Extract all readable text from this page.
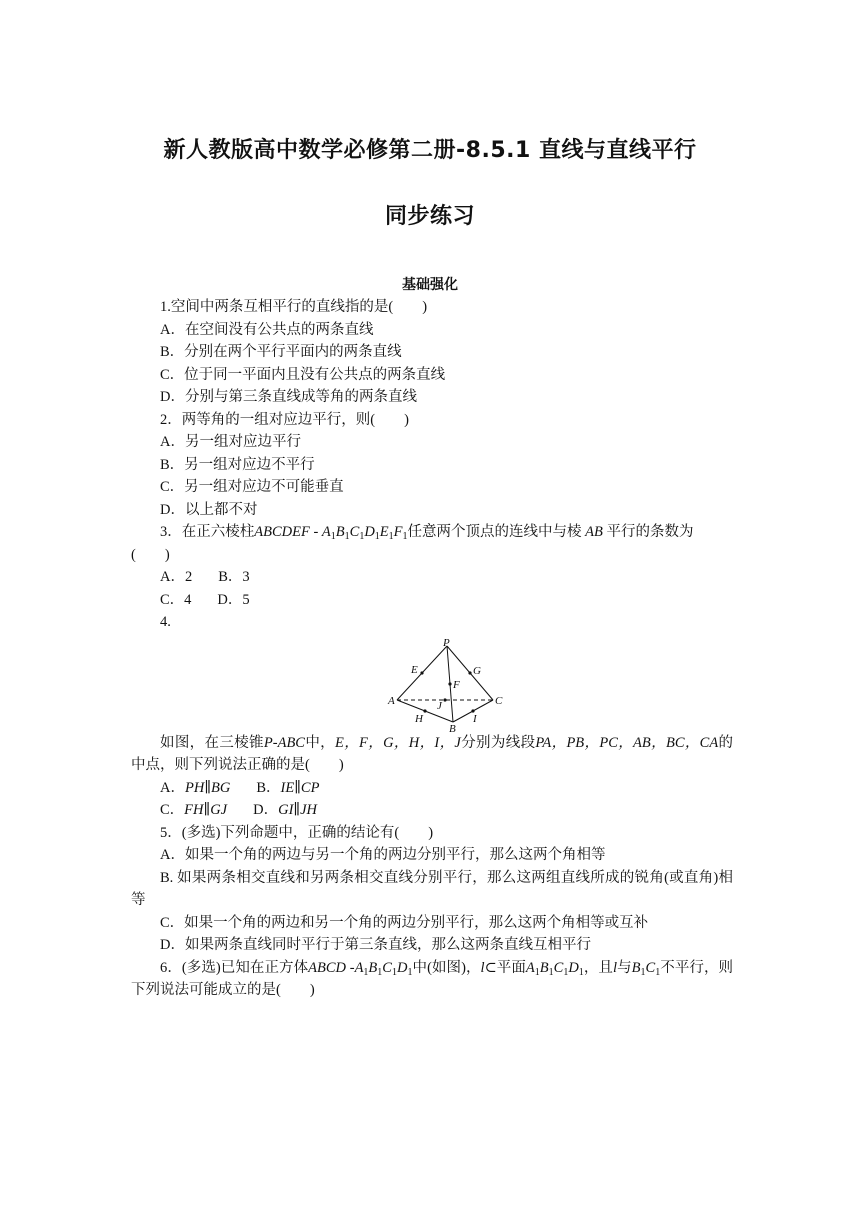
新人教版高中数学必修第二册-8.5.1 直线与直线平行
同步练习
基础强化

1.空间中两条互相平行的直线指的是(　　)

A．在空间没有公共点的两条直线

B．分别在两个平行平面内的两条直线

C．位于同一平面内且没有公共点的两条直线

D．分别与第三条直线成等角的两条直线

2．两等角的一组对应边平行，则(　　)

A．另一组对应边平行

B．另一组对应边不平行

C．另一组对应边不可能垂直

D．以上都不对

3．在正六棱柱ABCDEF - $A_1B_1C_1D_1E_1F_1$任意两个顶点的连线中与棱 AB 平行的条数为

(　　)

A．2 B．3

C．4 D．5

4.

P
E	G
F
A	J	C
H	I
B

如图，在三棱锥P-ABC中，E，F，G，H，I，J分别为线段PA，PB，PC，AB，BC，CA的中点，则下列说法正确的是(　　)

A．PH∥BG B．IE∥CP

C．FH∥GJ D．GI∥JH

5．(多选)下列命题中，正确的结论有(　　)

A．如果一个角的两边与另一个角的两边分别平行，那么这两个角相等

B. 如果两条相交直线和另两条相交直线分别平行，那么这两组直线所成的锐角(或直角)相等

C．如果一个角的两边和另一个角的两边分别平行，那么这两个角相等或互补

D．如果两条直线同时平行于第三条直线，那么这两条直线互相平行

6．(多选)已知在正方体ABCD $-A_1B_1C_1D_1$中(如图)，l⊂平面$A_1B_1C_1D_1$，且l与$B_1C_1$不平行，则下列说法可能成立的是(　　)
